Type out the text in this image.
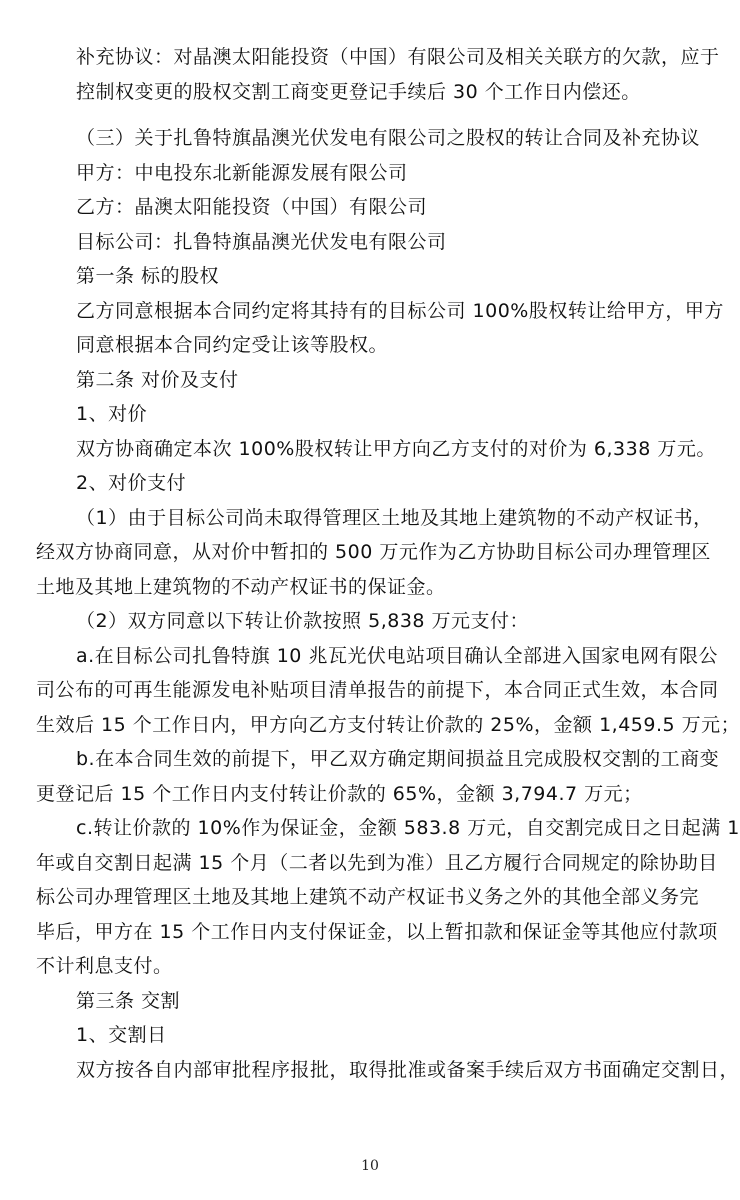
补充协议：对晶澳太阳能投资（中国）有限公司及相关关联方的欠款，应于
控制权变更的股权交割工商变更登记手续后 30 个工作日内偿还。
（三）关于扎鲁特旗晶澳光伏发电有限公司之股权的转让合同及补充协议
甲方：中电投东北新能源发展有限公司
乙方：晶澳太阳能投资（中国）有限公司
目标公司：扎鲁特旗晶澳光伏发电有限公司
第一条 标的股权
乙方同意根据本合同约定将其持有的目标公司 100%股权转让给甲方，甲方
同意根据本合同约定受让该等股权。
第二条 对价及支付
1、对价
双方协商确定本次 100%股权转让甲方向乙方支付的对价为 6,338 万元。
2、对价支付
（1）由于目标公司尚未取得管理区土地及其地上建筑物的不动产权证书，
经双方协商同意，从对价中暂扣的 500 万元作为乙方协助目标公司办理管理区
土地及其地上建筑物的不动产权证书的保证金。
（2）双方同意以下转让价款按照 5,838 万元支付：
a.在目标公司扎鲁特旗 10 兆瓦光伏电站项目确认全部进入国家电网有限公
司公布的可再生能源发电补贴项目清单报告的前提下，本合同正式生效，本合同
生效后 15 个工作日内，甲方向乙方支付转让价款的 25%，金额 1,459.5 万元；
b.在本合同生效的前提下，甲乙双方确定期间损益且完成股权交割的工商变
更登记后 15 个工作日内支付转让价款的 65%，金额 3,794.7 万元；
c.转让价款的 10%作为保证金，金额 583.8 万元，自交割完成日之日起满 1
年或自交割日起满 15 个月（二者以先到为准）且乙方履行合同规定的除协助目
标公司办理管理区土地及其地上建筑不动产权证书义务之外的其他全部义务完
毕后，甲方在 15 个工作日内支付保证金，以上暂扣款和保证金等其他应付款项
不计利息支付。
第三条 交割
1、交割日
双方按各自内部审批程序报批，取得批准或备案手续后双方书面确定交割日，
10
